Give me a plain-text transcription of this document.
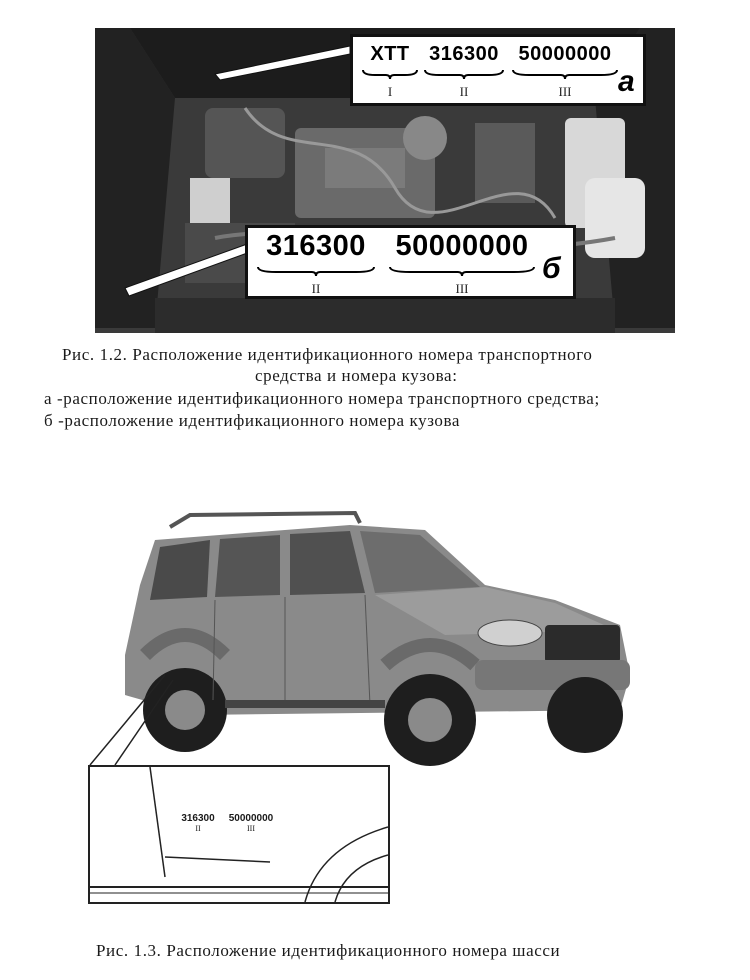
ХТТ
I
316300
II
50000000
III	а
316300
II
50000000
III
б
Рис. 1.2. Расположение идентификационного номера транспортного
средства и номера кузова:
а -расположение идентификационного номера транспортного средства;
б -расположение идентификационного номера кузова
316300
II
50000000
III
Рис. 1.3. Расположение идентификационного номера шасси
